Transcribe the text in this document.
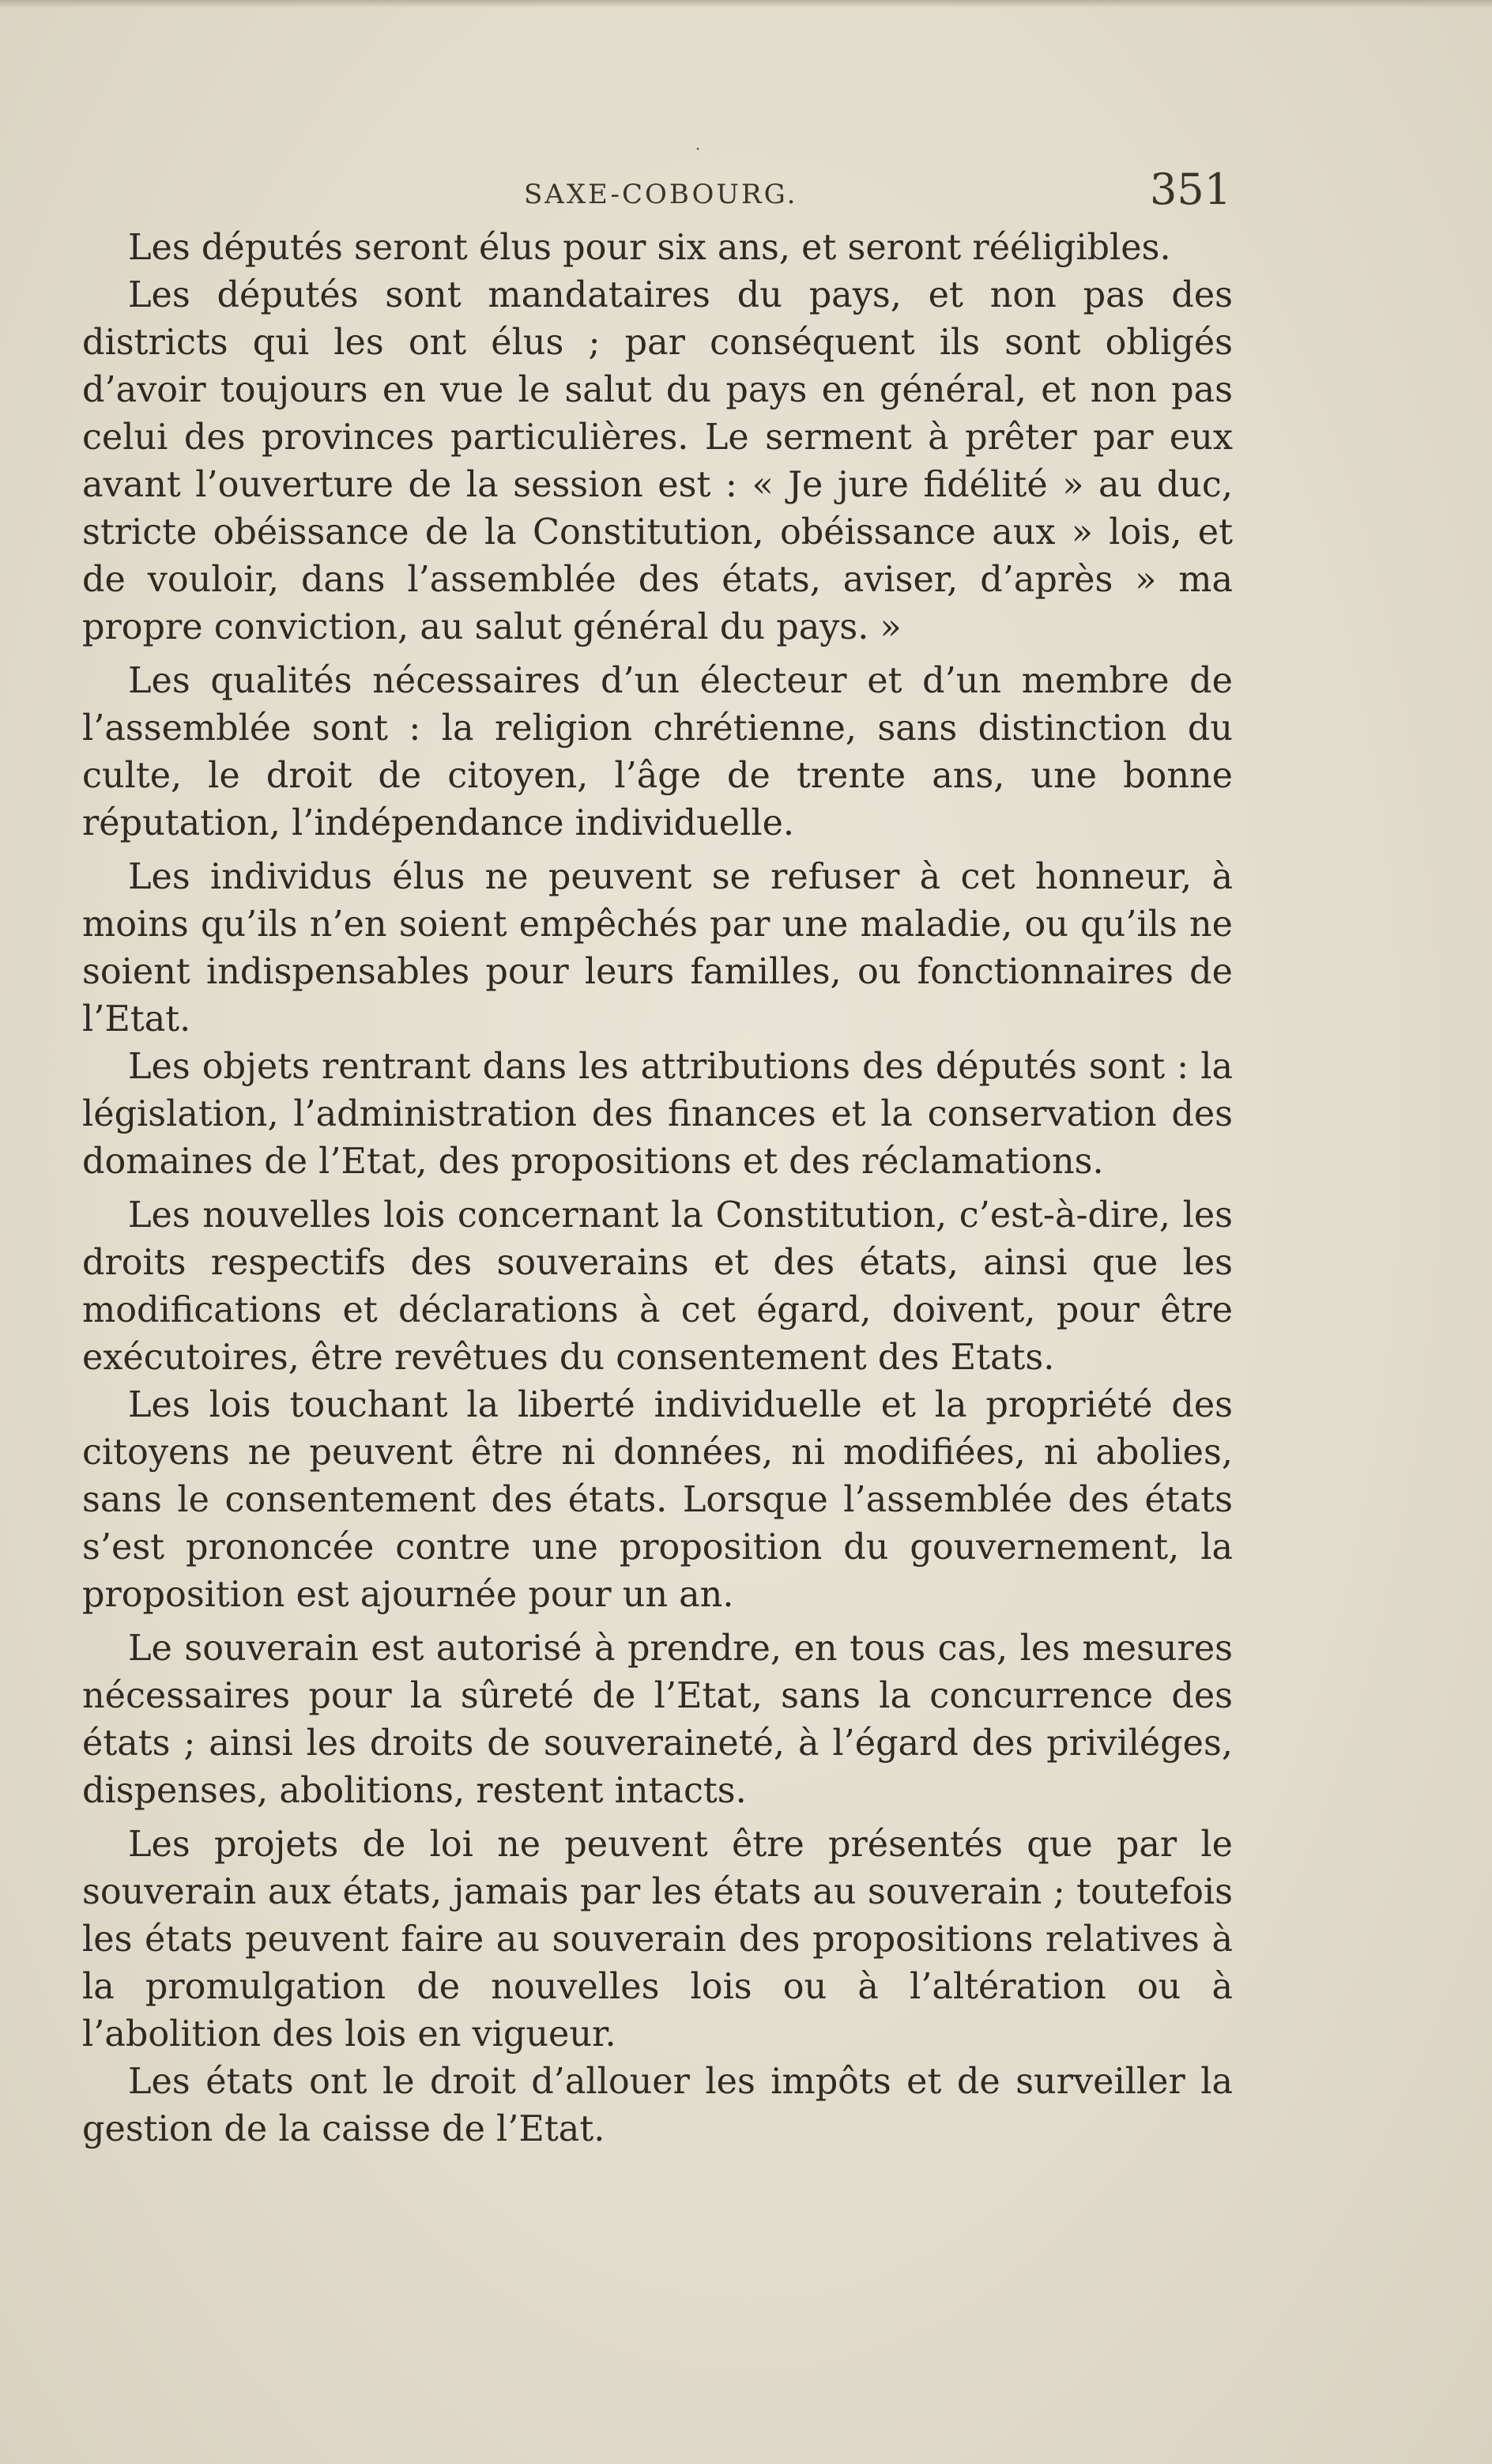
·
SAXE-COBOURG.	351

Les députés seront élus pour six ans, et seront rééligibles.

Les députés sont mandataires du pays, et non pas des districts qui les ont élus ; par conséquent ils sont obligés d’avoir toujours en vue le salut du pays en général, et non pas celui des provinces particulières. Le serment à prêter par eux avant l’ouverture de la session est : « Je jure fidélité » au duc, stricte obéissance de la Constitution, obéissance aux » lois, et de vouloir, dans l’assemblée des états, aviser, d’après » ma propre conviction, au salut général du pays. »

Les qualités nécessaires d’un électeur et d’un membre de l’assemblée sont : la religion chrétienne, sans distinction du culte, le droit de citoyen, l’âge de trente ans, une bonne réputation, l’indépendance individuelle.

Les individus élus ne peuvent se refuser à cet honneur, à moins qu’ils n’en soient empêchés par une maladie, ou qu’ils ne soient indispensables pour leurs familles, ou fonctionnaires de l’Etat.

Les objets rentrant dans les attributions des députés sont : la législation, l’administration des finances et la conservation des domaines de l’Etat, des propositions et des réclamations.

Les nouvelles lois concernant la Constitution, c’est-à-dire, les droits respectifs des souverains et des états, ainsi que les modifications et déclarations à cet égard, doivent, pour être exécutoires, être revêtues du consentement des Etats.

Les lois touchant la liberté individuelle et la propriété des citoyens ne peuvent être ni données, ni modifiées, ni abolies, sans le consentement des états. Lorsque l’assemblée des états s’est prononcée contre une proposition du gouvernement, la proposition est ajournée pour un an.

Le souverain est autorisé à prendre, en tous cas, les mesures nécessaires pour la sûreté de l’Etat, sans la concurrence des états ; ainsi les droits de souveraineté, à l’égard des priviléges, dispenses, abolitions, restent intacts.

Les projets de loi ne peuvent être présentés que par le souverain aux états, jamais par les états au souverain ; toutefois les états peuvent faire au souverain des propositions relatives à la promulgation de nouvelles lois ou à l’altération ou à l’abolition des lois en vigueur.

Les états ont le droit d’allouer les impôts et de surveiller la gestion de la caisse de l’Etat.
